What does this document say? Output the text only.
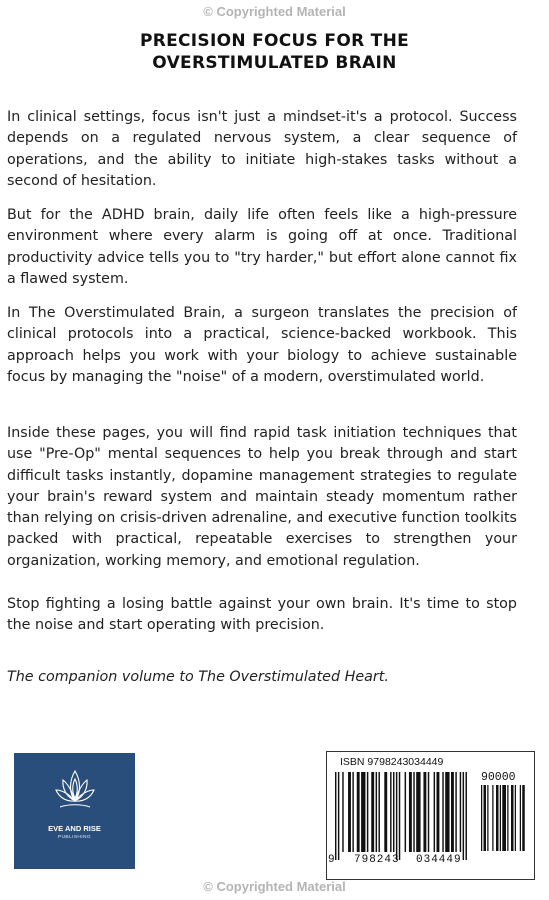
© Copyrighted Material
PRECISION FOCUS FOR THE
OVERSTIMULATED BRAIN

In clinical settings, focus isn't just a mindset-it's a protocol. Success depends on a regulated nervous system, a clear sequence of operations, and the ability to initiate high-stakes tasks without a second of hesitation.

But for the ADHD brain, daily life often feels like a high-pressure environment where every alarm is going off at once. Traditional productivity advice tells you to "try harder," but effort alone cannot fix a flawed system.

In The Overstimulated Brain, a surgeon translates the precision of clinical protocols into a practical, science-backed workbook. This approach helps you work with your biology to achieve sustainable focus by managing the "noise" of a modern, overstimulated world.

Inside these pages, you will find rapid task initiation techniques that use "Pre-Op" mental sequences to help you break through and start difficult tasks instantly, dopamine management strategies to regulate your brain's reward system and maintain steady momentum rather than relying on crisis-driven adrenaline, and executive function toolkits packed with practical, repeatable exercises to strengthen your organization, working memory, and emotional regulation.

Stop fighting a losing battle against your own brain. It's time to stop the noise and start operating with precision.

The companion volume to The Overstimulated Heart.
EVE AND RISE
PUBLISHING
ISBN 9798243034449
90000
9 798243 034449
© Copyrighted Material
